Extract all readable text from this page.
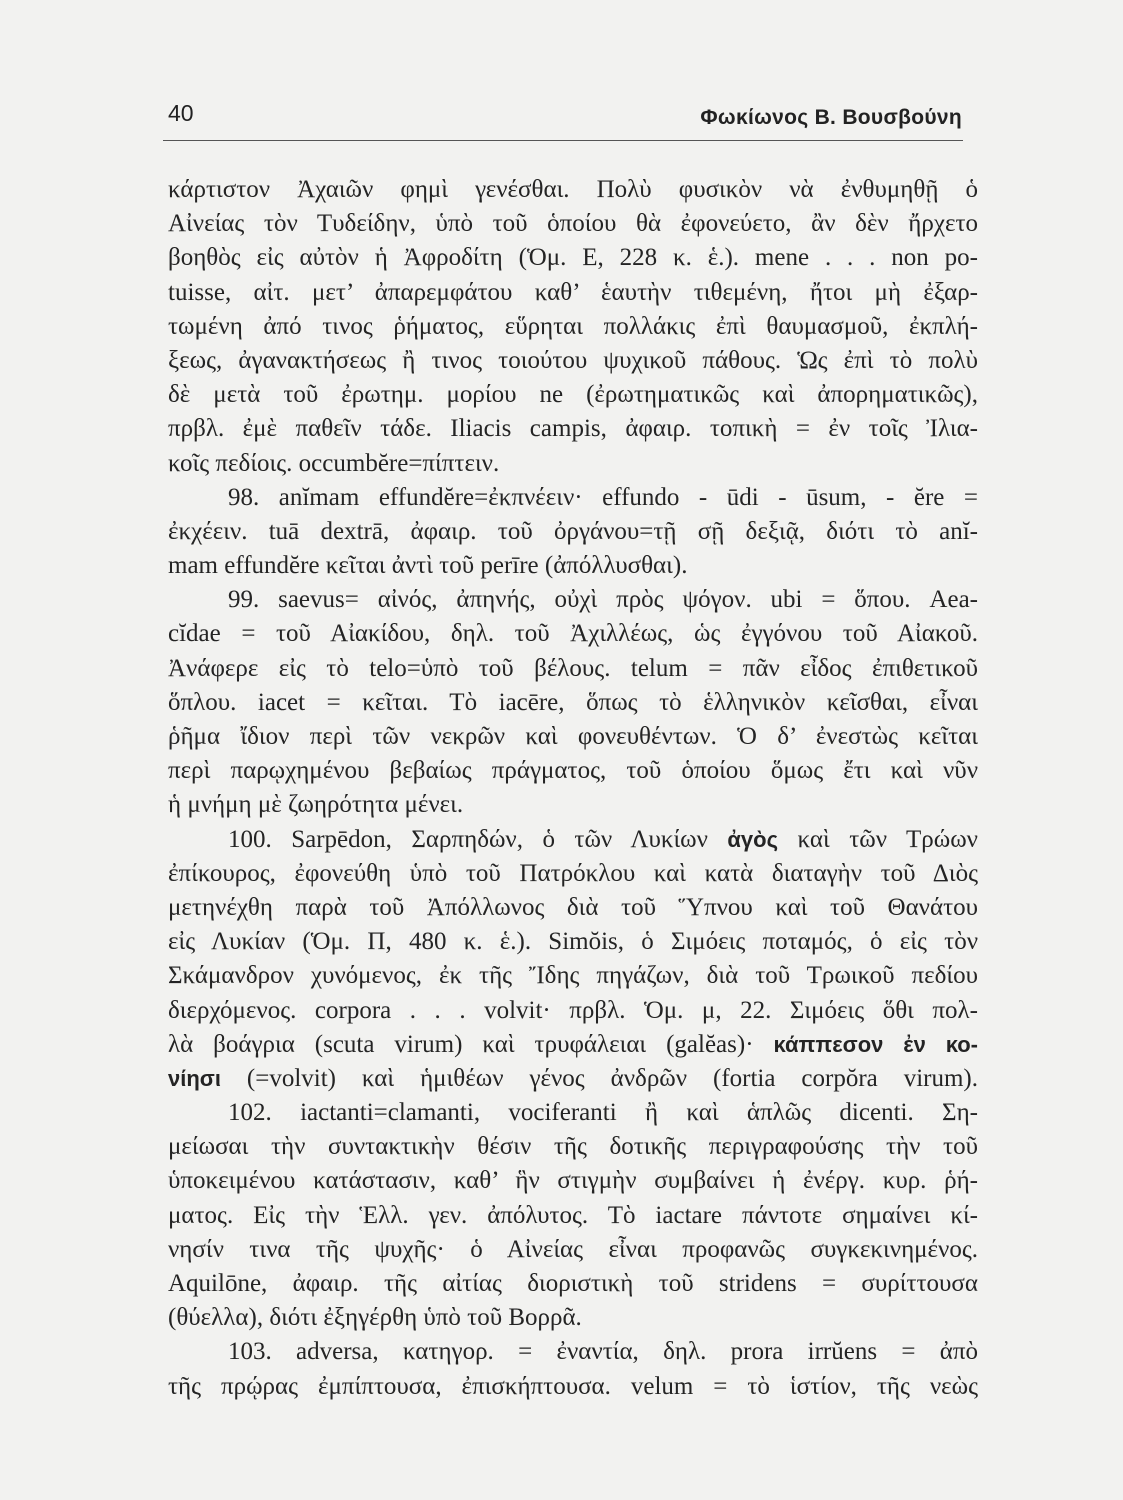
40	Φωκίωνος Β. Βουσβούνη
κάρτιστον Ἀχαιῶν φημὶ γενέσθαι. Πολὺ φυσικὸν νὰ ἐνθυμηθῇ ὁ
Αἰνείας τὸν Τυδείδην, ὑπὸ τοῦ ὁποίου θὰ ἐφονεύετο, ἂν δὲν ἤρχετο
βοηθὸς εἰς αὐτὸν ἡ Ἀφροδίτη (Ὁμ. Ε, 228 κ. ἑ.). mene . . . non po-
tuisse, αἰτ. μετ’ ἀπαρεμφάτου καθ’ ἑαυτὴν τιθεμένη, ἤτοι μὴ ἐξαρ-
τωμένη ἀπό τινος ῥήματος, εὕρηται πολλάκις ἐπὶ θαυμασμοῦ, ἐκπλή-
ξεως, ἀγανακτήσεως ἢ τινος τοιούτου ψυχικοῦ πάθους. Ὡς ἐπὶ τὸ πολὺ
δὲ μετὰ τοῦ ἐρωτημ. μορίου ne (ἐρωτηματικῶς καὶ ἀπορηματικῶς),
πρβλ. ἐμὲ παθεῖν τάδε. Iliacis campis, ἀφαιρ. τοπικὴ = ἐν τοῖς Ἰλια-
κοῖς πεδίοις. occumbĕre=πίπτειν.
98. anĭmam effundĕre=ἐκπνέειν· effundo - ūdi - ūsum, - ĕre =
ἐκχέειν. tuā dextrā, ἀφαιρ. τοῦ ὀργάνου=τῇ σῇ δεξιᾷ, διότι τὸ anĭ-
mam effundĕre κεῖται ἀντὶ τοῦ perīre (ἀπόλλυσθαι).
99. saevus= αἰνός, ἀπηνής, οὐχὶ πρὸς ψόγον. ubi = ὅπου. Aea-
cĭdae = τοῦ Αἰακίδου, δηλ. τοῦ Ἀχιλλέως, ὡς ἐγγόνου τοῦ Αἰακοῦ.
Ἀνάφερε εἰς τὸ telo=ὑπὸ τοῦ βέλους. telum = πᾶν εἶδος ἐπιθετικοῦ
ὅπλου. iacet = κεῖται. Τὸ iacēre, ὅπως τὸ ἑλληνικὸν κεῖσθαι, εἶναι
ῥῆμα ἴδιον περὶ τῶν νεκρῶν καὶ φονευθέντων. Ὁ δ’ ἐνεστὼς κεῖται
περὶ παρῳχημένου βεβαίως πράγματος, τοῦ ὁποίου ὅμως ἔτι καὶ νῦν
ἡ μνήμη μὲ ζωηρότητα μένει.
100. Sarpēdon, Σαρπηδών, ὁ τῶν Λυκίων ἀγὸς καὶ τῶν Τρώων
ἐπίκουρος, ἐφονεύθη ὑπὸ τοῦ Πατρόκλου καὶ κατὰ διαταγὴν τοῦ Διὸς
μετηνέχθη παρὰ τοῦ Ἀπόλλωνος διὰ τοῦ Ὕπνου καὶ τοῦ Θανάτου
εἰς Λυκίαν (Ὁμ. Π, 480 κ. ἑ.). Simŏis, ὁ Σιμόεις ποταμός, ὁ εἰς τὸν
Σκάμανδρον χυνόμενος, ἐκ τῆς Ἴδης πηγάζων, διὰ τοῦ Τρωικοῦ πεδίου
διερχόμενος. corpora . . . volvit· πρβλ. Ὁμ. μ, 22. Σιμόεις ὅθι πολ-
λὰ βοάγρια (scuta virum) καὶ τρυφάλειαι (galĕas)· κάππεσον ἐν κο-
νίησι (=volvit) καὶ ἡμιθέων γένος ἀνδρῶν (fortia corpŏra virum).
102. iactanti=clamanti, vociferanti ἢ καὶ ἁπλῶς dicenti. Ση-
μείωσαι τὴν συντακτικὴν θέσιν τῆς δοτικῆς περιγραφούσης τὴν τοῦ
ὑποκειμένου κατάστασιν, καθ’ ἣν στιγμὴν συμβαίνει ἡ ἐνέργ. κυρ. ῥή-
ματος. Εἰς τὴν Ἑλλ. γεν. ἀπόλυτος. Τὸ iactare πάντοτε σημαίνει κί-
νησίν τινα τῆς ψυχῆς· ὁ Αἰνείας εἶναι προφανῶς συγκεκινημένος.
Aquilōne, ἀφαιρ. τῆς αἰτίας διοριστικὴ τοῦ stridens = συρίττουσα
(θύελλα), διότι ἐξηγέρθη ὑπὸ τοῦ Βορρᾶ.
103. adversa, κατηγορ. = ἐναντία, δηλ. prora irrŭens = ἀπὸ
τῆς πρῴρας ἐμπίπτουσα, ἐπισκήπτουσα. velum = τὸ ἱστίον, τῆς νεὼς
